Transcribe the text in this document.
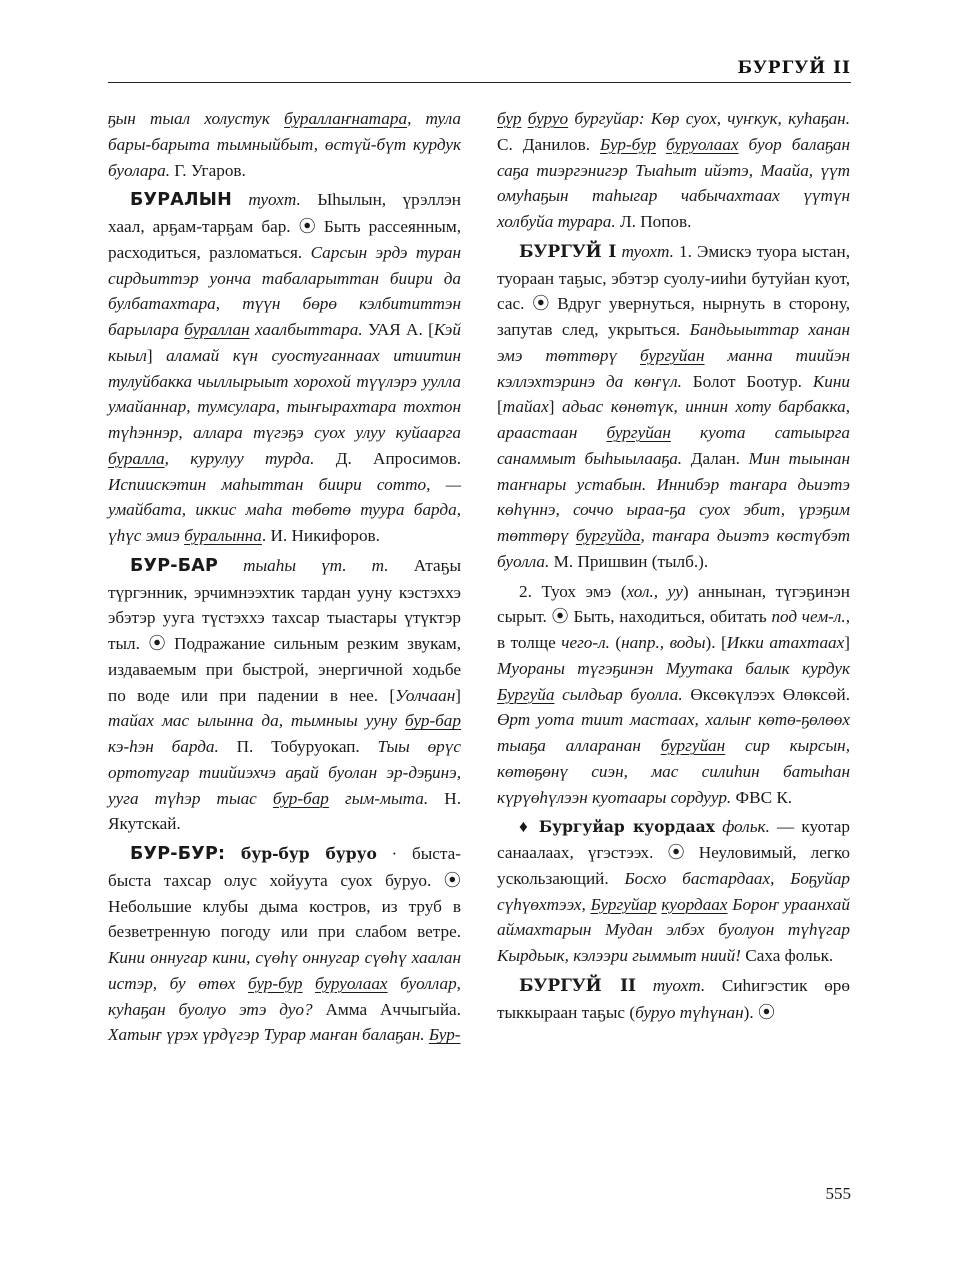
БУРГУЙ II

ҕын тыал холустук бураллаҥнатара, тула бары-барыта тымныйбыт, өстүй-бүт курдук буолара. Г. Угаров.

БУРАЛЫН туохт. Ыһылын, үрэллэн хаал, арҕам-тарҕам бар. ⦿ Быть рассеянным, расходиться, разломаться. Сарсын эрдэ туран сирдьиттэр уонча табаларыттан биири да булбатахтара, түүн бөрө кэлбититтэн барылара бураллан хаалбыттара. УАЯ А. [Кэй кыыл] аламай күн суостуганнаах итиитин тулуйбакка чыллырыыт хорохой түүлэрэ уулла умайаннар, тумсулара, тыҥырахтара тохтон түһэннэр, аллара түгэҕэ суох улуу куйаарга бураллa, курулуу турда. Д. Апросимов. Испиискэтин маһыттан биири сотто, — умайбата, иккис маһа төбөтө туура барда, үһүс эмиэ буралынна. И. Никифоров.

БУР-БАР тыаһы үт. т. Атаҕы түргэнник, эрчимнээхтик тардан ууну кэстэххэ эбэтэр ууга түстэххэ тахсар тыастары үтүктэр тыл. ⦿ Подражание сильным резким звукам, издаваемым при быстрой, энергичной ходьбе по воде или при падении в нее. [Уолчаан] тайах мас ылынна да, тымныы ууну бур-бар кэ-һэн барда. П. Тобуруокап. Тыы өрүс ортотугар тиийиэхчэ аҕай буолан эр-дэҕинэ, ууга түһэр тыас бур-бар гым-мыта. Н. Якутскай.

БУР-БУР: бур-бур буруо · быста-быста тахсар олус хойуута суох буруо. ⦿ Небольшие клубы дыма костров, из труб в безветренную погоду или при слабом ветре. Кини оннугар кини, сүөһү оннугар сүөһү хаалан истэр, бу өтөх бур-бур буруолаах буоллар, куһаҕан буолуо этэ дуо? Амма Аччыгыйа. Хатыҥ үрэх үрдүгэр Турар маҥан балаҕан. Бур-

бур буруо бургуйар: Көр суох, чуҥкук, куһаҕан. С. Данилов. Бур-бур буруолаах буор балаҕан саҕа тиэргэнигэр Тыаһыт ийэтэ, Маайа, үүт омуһаҕын таһыгар чабычахтаах үүтүн холбуйа турара. Л. Попов.

БУРГУЙ I туохт. 1. Эмискэ туора ыстан, туораан таҕыс, эбэтэр суолу-ииһи бутуйан куот, сас. ⦿ Вдруг увернуться, нырнуть в сторону, запутав след, укрыться. Бандьыыттар ханан эмэ төттөрү бургуйан манна тиийэн кэллэхтэринэ да көҥүл. Болот Боотур. Кини [тайах] адьас көнөтүк, иннин хоту барбакка, араастаан бургуйан куота сатыырга санаммыт быһыылааҕа. Далан. Мин тыынан таҥнары устабын. Иннибэр таҥара дьиэтэ көһүннэ, соччо ыраа-ҕа суох эбит, үрэҕим төттөрү бургуйда, таҥара дьиэтэ көстүбэт буолла. М. Пришвин (тылб.).

2. Туох эмэ (хол., уу) аннынан, түгэҕинэн сырыт. ⦿ Быть, находиться, обитать под чем-л., в толще чего-л. (напр., воды). [Икки атахтаах] Муораны түгэҕинэн Муутака балык курдук Бургуйа сылдьар буолла. Өксөкүлээх Өлөксөй. Өрт уота тиит мастаах, халыҥ көтө-ҕөлөөх тыаҕа алларанан бургуйан сир кырсын, көтөҕөнү сиэн, мас силиһин батыһан күрүөһүлээн куотаары сордуур. ФВС К.

♦ Бургуйар куордаах фольк. — куотар санаалаах, үгэстээх. ⦿ Неуловимый, легко ускользающий. Босхо бастардаах, Боҕуйар сүһүөхтээх, Бургуйар куордаах Бороҥ ураанхай аймахтарын Мудан элбэх буолуон түһүгар Кырдьык, кэлээри гыммыт ниий! Саха фольк.

БУРГУЙ II туохт. Сиһигэстик өрө тыккыраан таҕыс (буруо түһүнан). ⦿

555
